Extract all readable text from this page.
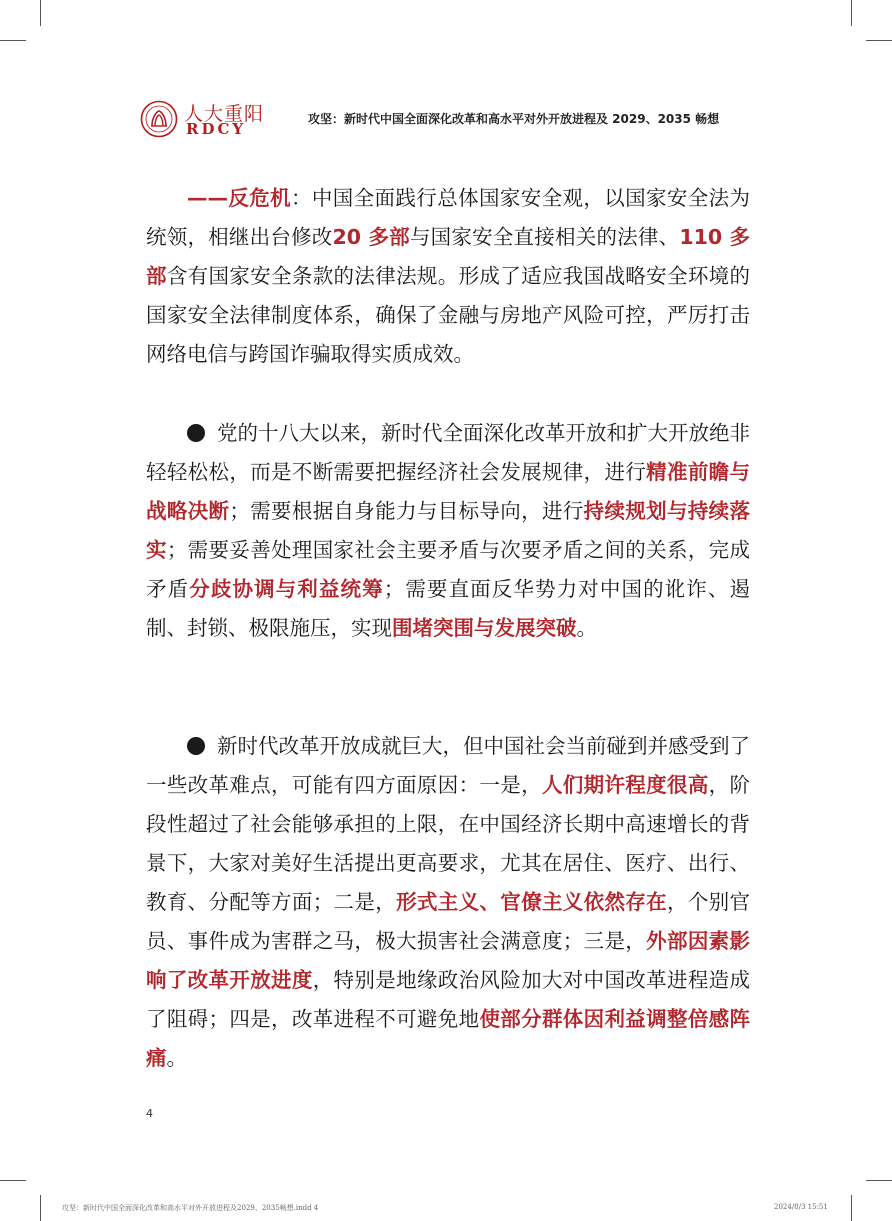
人大重阳
RDCY
攻坚：新时代中国全面深化改革和高水平对外开放进程及 2029、2035 畅想

——反危机：中国全面践行总体国家安全观，以国家安全法为统领，相继出台修改20 多部与国家安全直接相关的法律、110 多部含有国家安全条款的法律法规。形成了适应我国战略安全环境的国家安全法律制度体系，确保了金融与房地产风险可控，严厉打击网络电信与跨国诈骗取得实质成效。

党的十八大以来，新时代全面深化改革开放和扩大开放绝非轻轻松松，而是不断需要把握经济社会发展规律，进行精准前瞻与战略决断；需要根据自身能力与目标导向，进行持续规划与持续落实；需要妥善处理国家社会主要矛盾与次要矛盾之间的关系，完成矛盾分歧协调与利益统筹；需要直面反华势力对中国的讹诈、遏制、封锁、极限施压，实现围堵突围与发展突破。

新时代改革开放成就巨大，但中国社会当前碰到并感受到了一些改革难点，可能有四方面原因：一是，人们期许程度很高，阶段性超过了社会能够承担的上限，在中国经济长期中高速增长的背景下，大家对美好生活提出更高要求，尤其在居住、医疗、出行、教育、分配等方面；二是，形式主义、官僚主义依然存在，个别官员、事件成为害群之马，极大损害社会满意度；三是，外部因素影响了改革开放进度，特别是地缘政治风险加大对中国改革进程造成了阻碍；四是，改革进程不可避免地使部分群体因利益调整倍感阵痛。

4
攻坚：新时代中国全面深化改革和高水平对外开放进程及2029、2035畅想.indd 4	2024/8/3 15:51
